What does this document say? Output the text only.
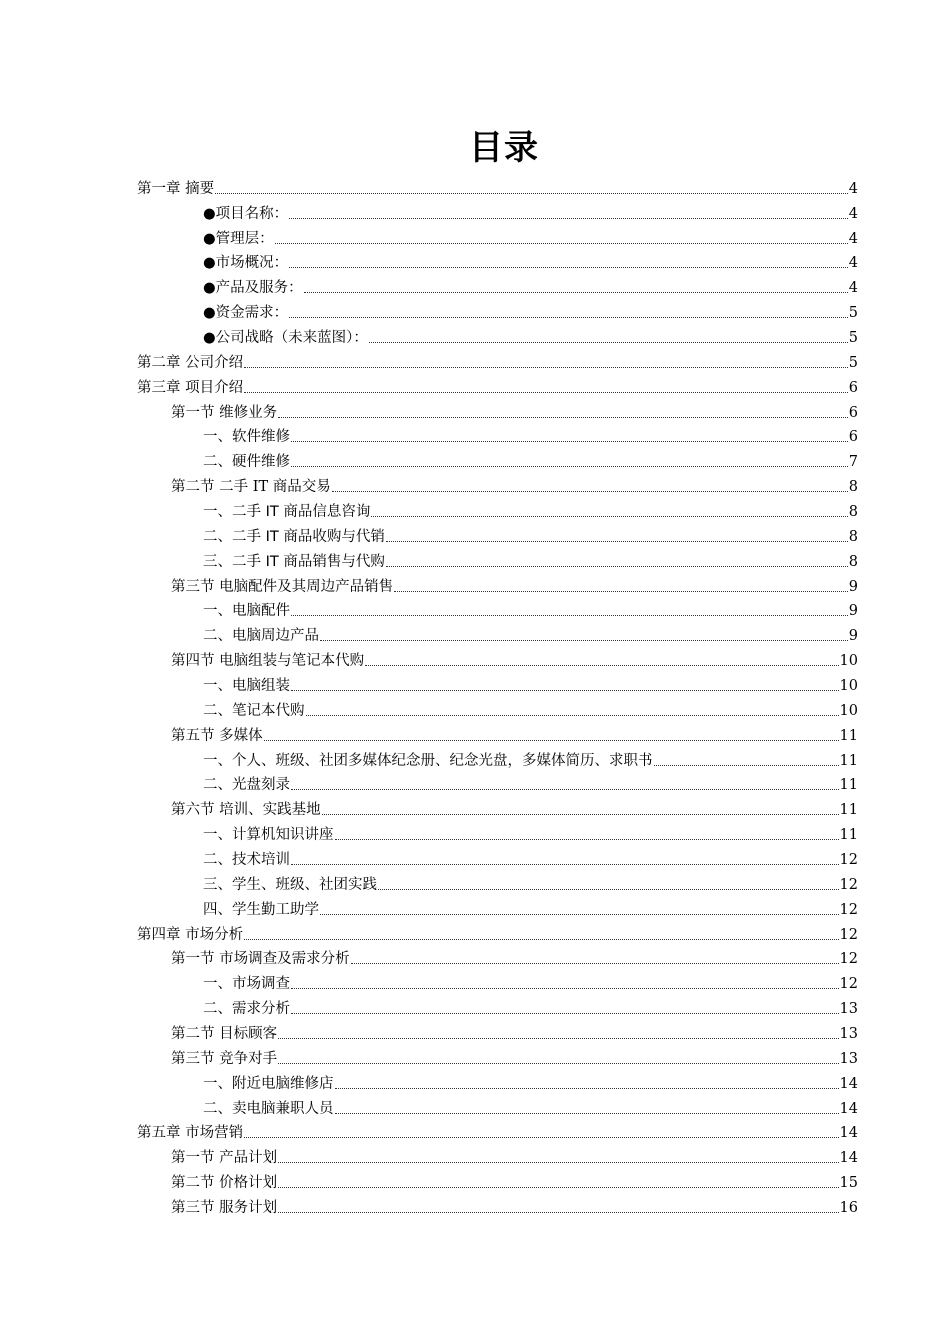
目录
第一章 摘要	4
●项目名称：	4
●管理层：	4
●市场概况：	4
●产品及服务：	4
●资金需求：	5
●公司战略（未来蓝图）：	5
第二章 公司介绍	5
第三章 项目介绍	6
第一节 维修业务	6
一、软件维修	6
二、硬件维修	7
第二节 二手 IT 商品交易	8
一、二手 IT 商品信息咨询	8
二、二手 IT 商品收购与代销	8
三、二手 IT 商品销售与代购	8
第三节 电脑配件及其周边产品销售	9
一、电脑配件	9
二、电脑周边产品	9
第四节 电脑组装与笔记本代购	10
一、电脑组装	10
二、笔记本代购	10
第五节 多媒体	11
一、个人、班级、社团多媒体纪念册、纪念光盘，多媒体简历、求职书	11
二、光盘刻录	11
第六节 培训、实践基地	11
一、计算机知识讲座	11
二、技术培训	12
三、学生、班级、社团实践	12
四、学生勤工助学	12
第四章 市场分析	12
第一节 市场调查及需求分析	12
一、市场调查	12
二、需求分析	13
第二节 目标顾客	13
第三节 竞争对手	13
一、附近电脑维修店	14
二、卖电脑兼职人员	14
第五章 市场营销	14
第一节 产品计划	14
第二节 价格计划	15
第三节 服务计划	16
